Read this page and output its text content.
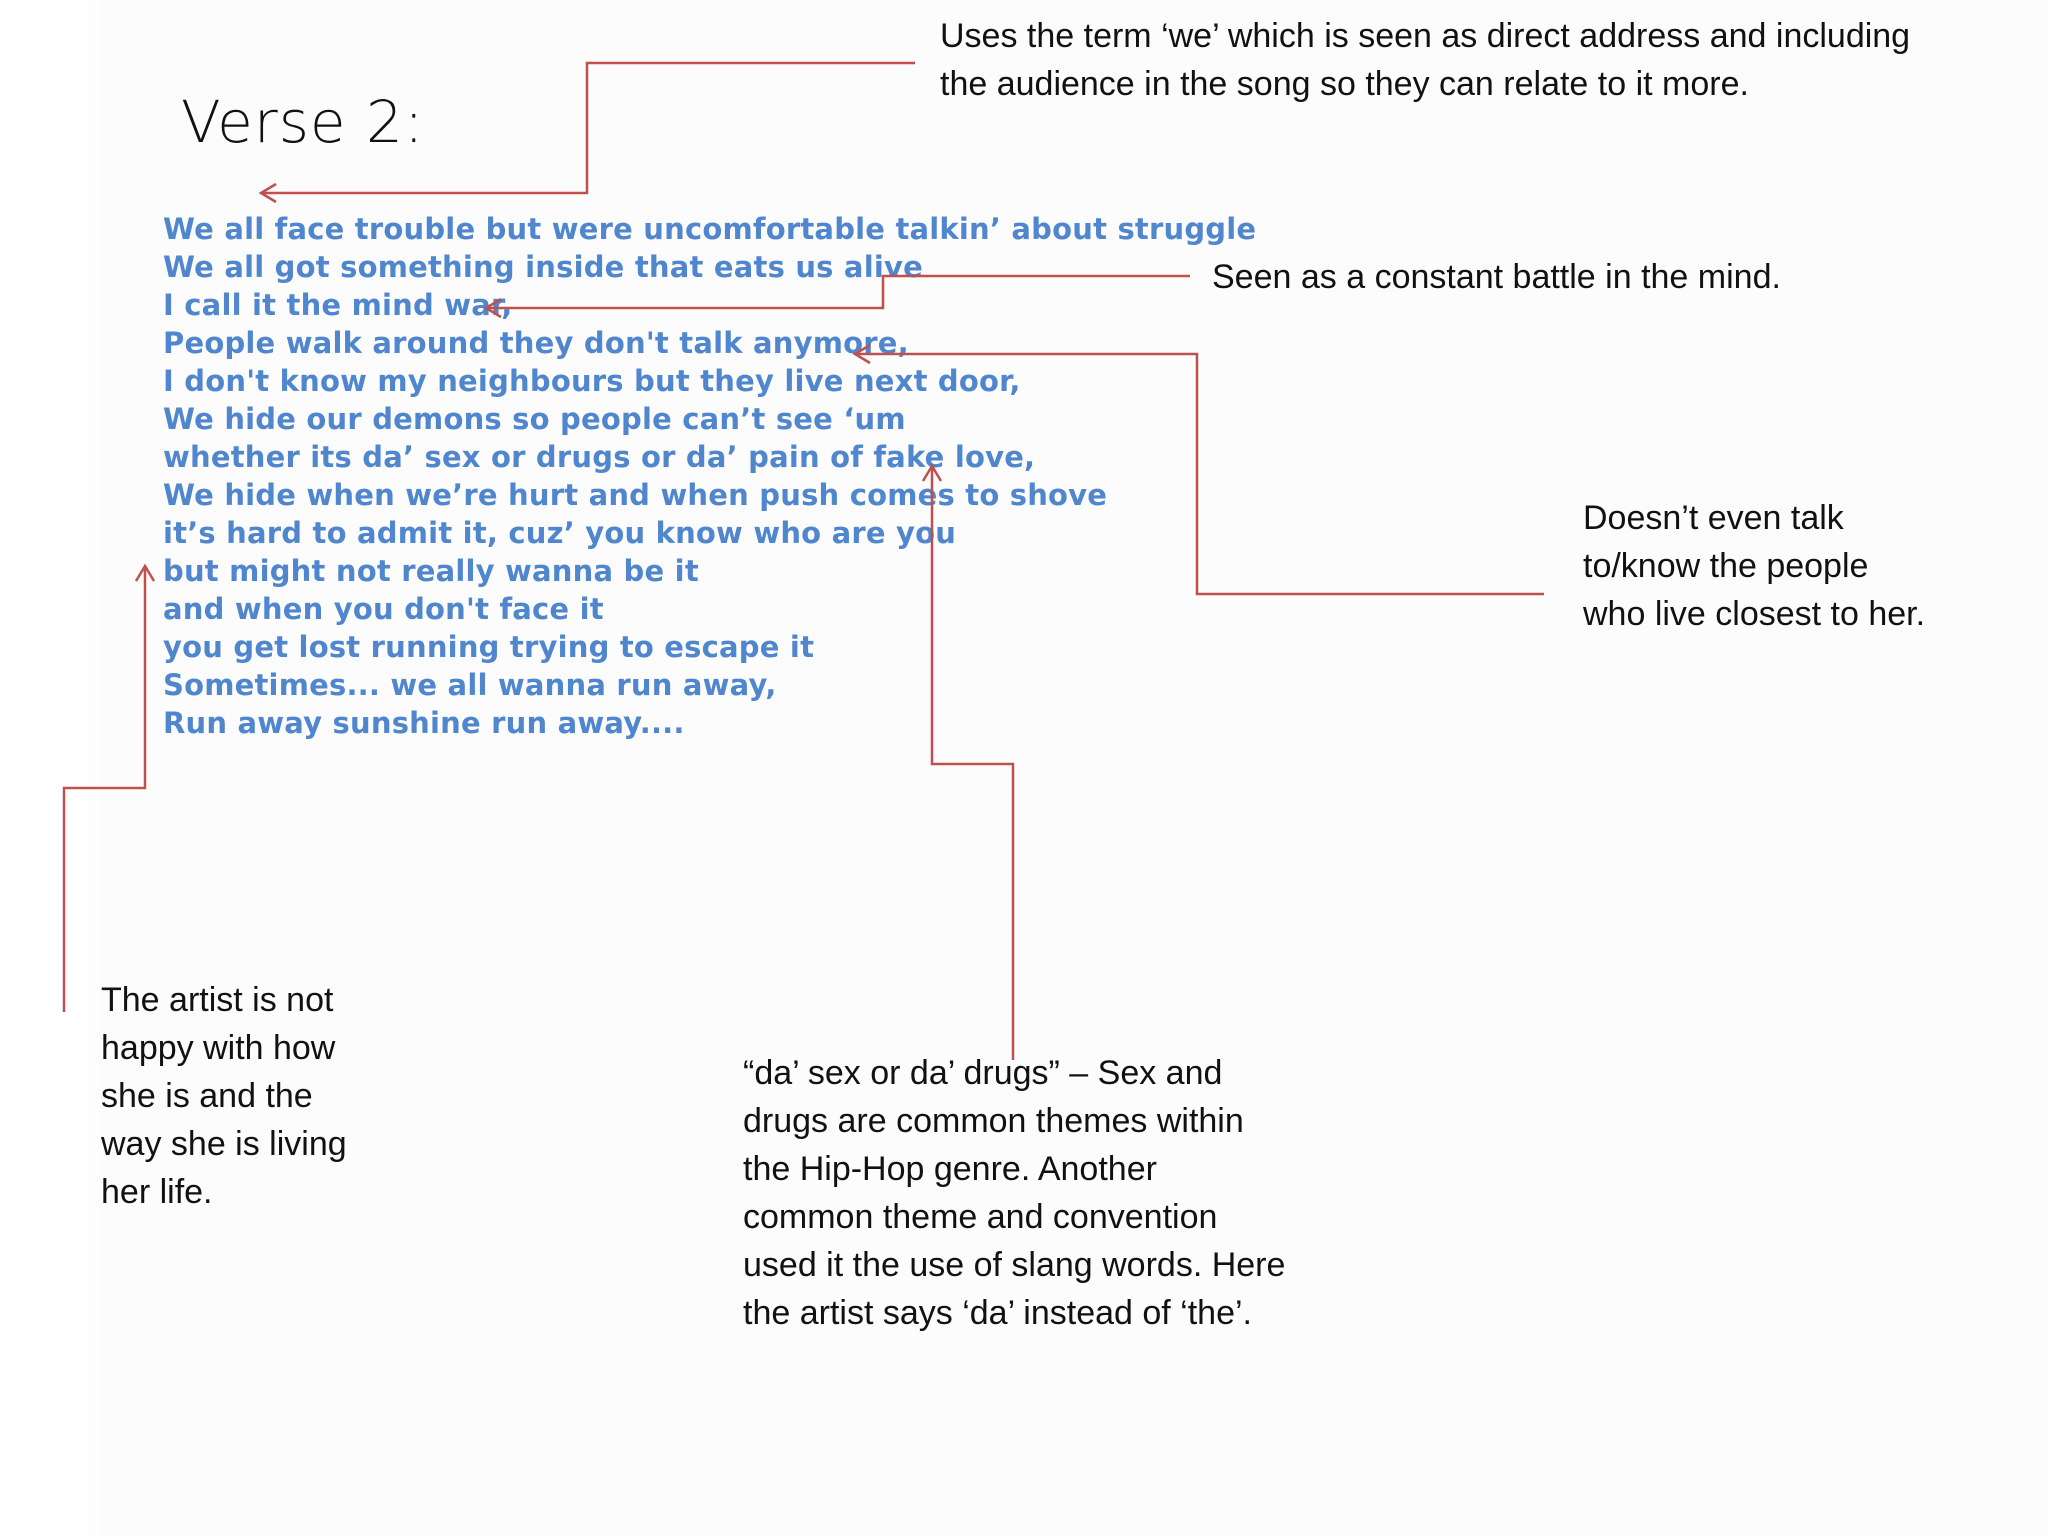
Verse 2:
We all face trouble but were uncomfortable talkin’ about struggle
We all got something inside that eats us alive
I call it the mind war,
People walk around they don't talk anymore,
I don't know my neighbours but they live next door,
We hide our demons so people can’t see ‘um
whether its da’ sex or drugs or da’ pain of fake love,
We hide when we’re hurt and when push comes to shove
it’s hard to admit it, cuz’ you know who are you
but might not really wanna be it
and when you don't face it
you get lost running trying to escape it
Sometimes... we all wanna run away,
Run away sunshine run away....
Uses the term ‘we’ which is seen as direct address and including
the audience in the song so they can relate to it more.
Seen as a constant battle in the mind.
Doesn’t even talk
to/know the people
who live closest to her.
The artist is not
happy with how
she is and the
way she is living
her life.
“da’ sex or da’ drugs” – Sex and
drugs are common themes within
the Hip-Hop genre. Another
common theme and convention
used it the use of slang words. Here
the artist says ‘da’ instead of ‘the’.
